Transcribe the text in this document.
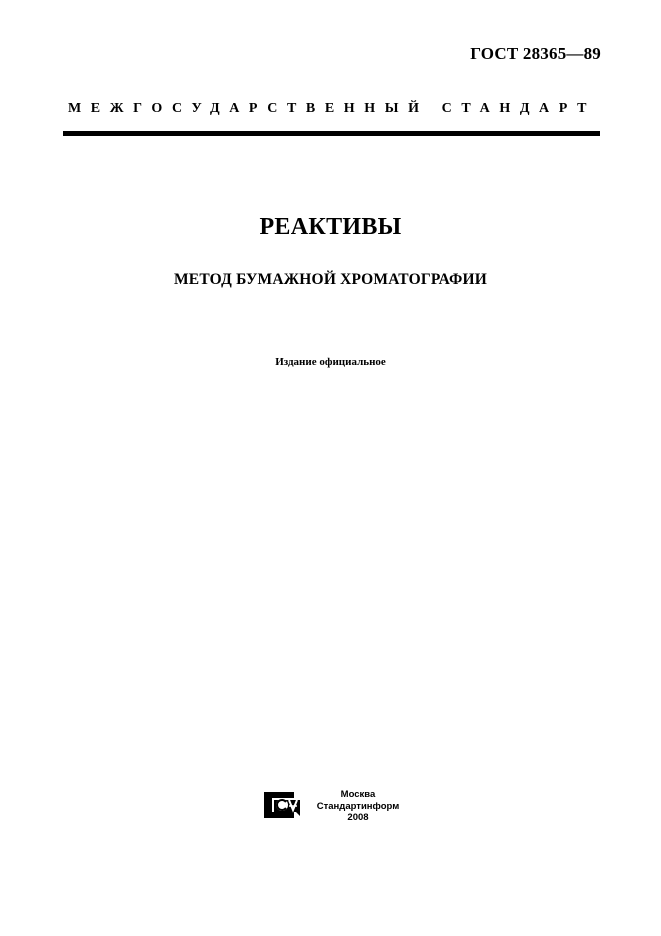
ГОСТ 28365—89
МЕЖГОСУДАРСТВЕННЫЙ СТАНДАРТ
РЕАКТИВЫ
МЕТОД БУМАЖНОЙ ХРОМАТОГРАФИИ
Издание официальное
Москва
Стандартинформ
2008
